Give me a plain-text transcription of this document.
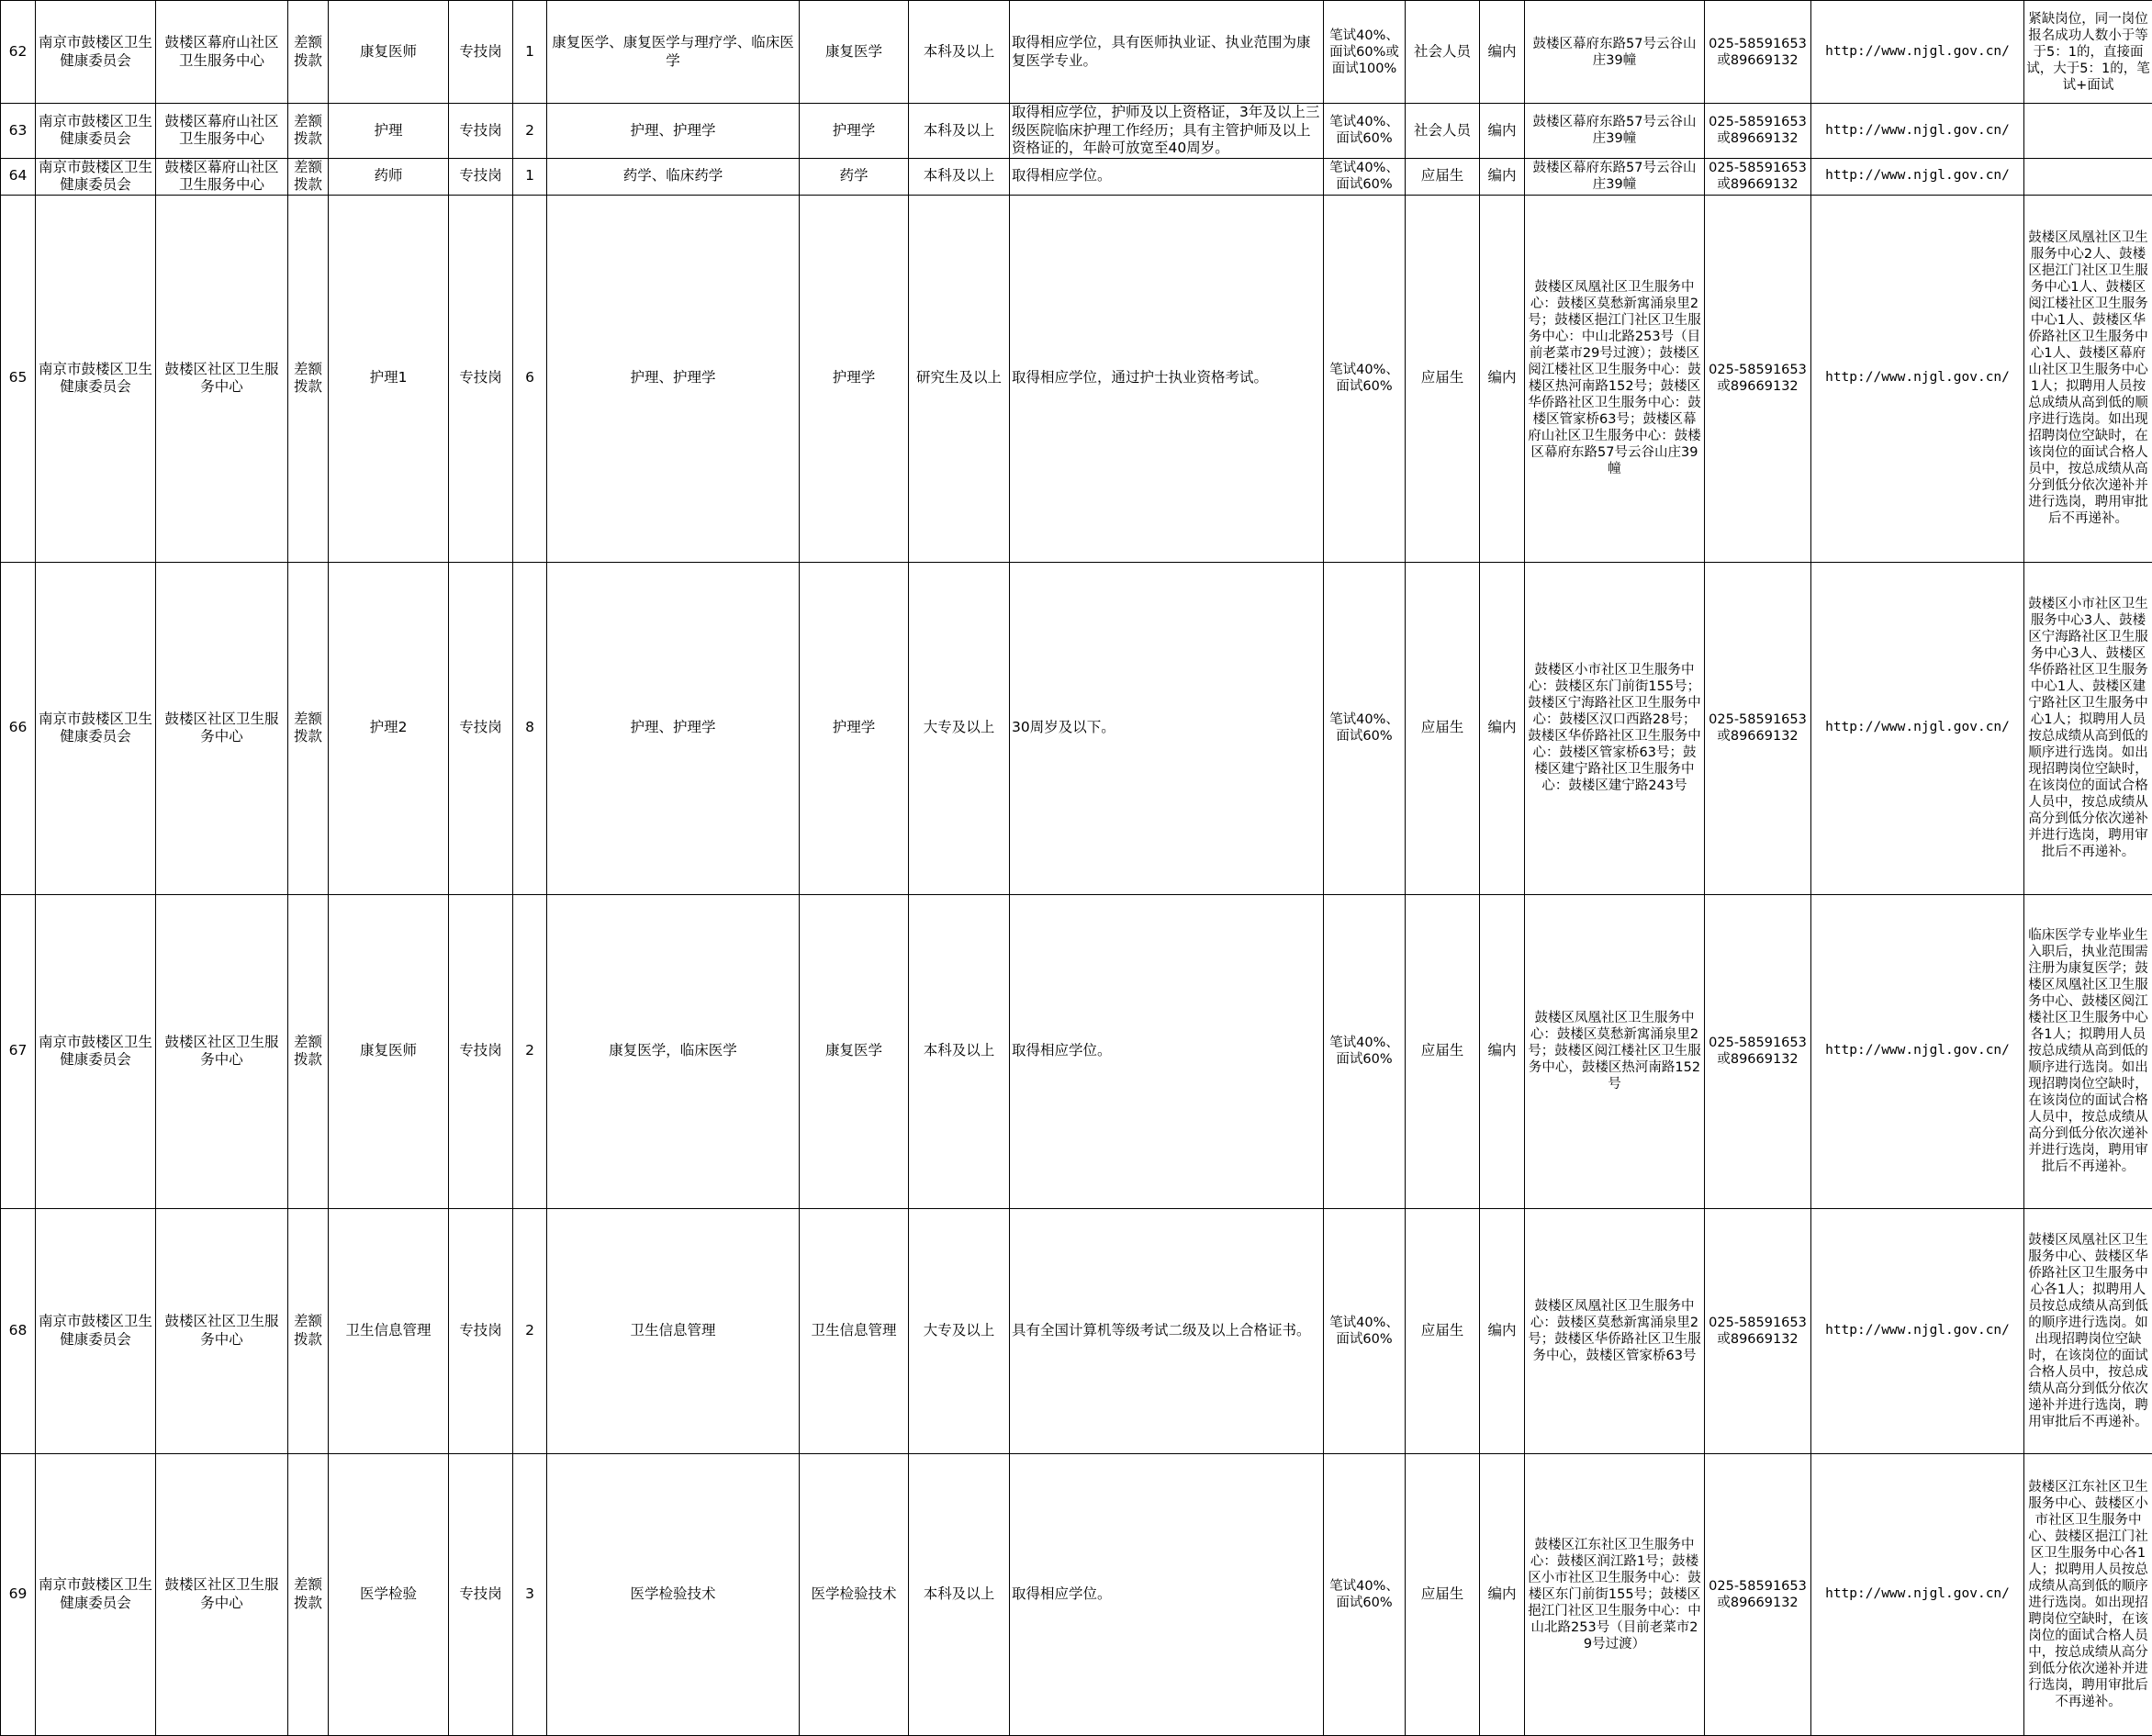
62	南京市鼓楼区卫生健康委员会	鼓楼区幕府山社区卫生服务中心	差额拨款	康复医师	专技岗	1	康复医学、康复医学与理疗学、临床医学	康复医学	本科及以上	取得相应学位，具有医师执业证、执业范围为康复医学专业。	笔试40%、面试60%或面试100%	社会人员	编内	鼓楼区幕府东路57号云谷山庄39幢	025-58591653或89669132	http://www.njgl.gov.cn/	紧缺岗位，同一岗位报名成功人数小于等于5：1的，直接面试，大于5：1的，笔试+面试
63	南京市鼓楼区卫生健康委员会	鼓楼区幕府山社区卫生服务中心	差额拨款	护理	专技岗	2	护理、护理学	护理学	本科及以上	取得相应学位，护师及以上资格证，3年及以上三级医院临床护理工作经历；具有主管护师及以上资格证的，年龄可放宽至40周岁。	笔试40%、面试60%	社会人员	编内	鼓楼区幕府东路57号云谷山庄39幢	025-58591653或89669132	http://www.njgl.gov.cn/	
64	南京市鼓楼区卫生健康委员会	鼓楼区幕府山社区卫生服务中心	差额拨款	药师	专技岗	1	药学、临床药学	药学	本科及以上	取得相应学位。	笔试40%、面试60%	应届生	编内	鼓楼区幕府东路57号云谷山庄39幢	025-58591653或89669132	http://www.njgl.gov.cn/	
65	南京市鼓楼区卫生健康委员会	鼓楼区社区卫生服务中心	差额拨款	护理1	专技岗	6	护理、护理学	护理学	研究生及以上	取得相应学位，通过护士执业资格考试。	笔试40%、面试60%	应届生	编内	鼓楼区凤凰社区卫生服务中心：鼓楼区莫愁新寓涌泉里2号；鼓楼区挹江门社区卫生服务中心：中山北路253号（目前老菜市29号过渡）；鼓楼区阅江楼社区卫生服务中心：鼓楼区热河南路152号；鼓楼区华侨路社区卫生服务中心：鼓楼区管家桥63号；鼓楼区幕府山社区卫生服务中心：鼓楼区幕府东路57号云谷山庄39幢	025-58591653或89669132	http://www.njgl.gov.cn/	鼓楼区凤凰社区卫生服务中心2人、鼓楼区挹江门社区卫生服务中心1人、鼓楼区阅江楼社区卫生服务中心1人、鼓楼区华侨路社区卫生服务中心1人、鼓楼区幕府山社区卫生服务中心1人；拟聘用人员按总成绩从高到低的顺序进行选岗。如出现招聘岗位空缺时，在该岗位的面试合格人员中，按总成绩从高分到低分依次递补并进行选岗，聘用审批后不再递补。
66	南京市鼓楼区卫生健康委员会	鼓楼区社区卫生服务中心	差额拨款	护理2	专技岗	8	护理、护理学	护理学	大专及以上	30周岁及以下。	笔试40%、面试60%	应届生	编内	鼓楼区小市社区卫生服务中心：鼓楼区东门前街155号；鼓楼区宁海路社区卫生服务中心：鼓楼区汉口西路28号；鼓楼区华侨路社区卫生服务中心：鼓楼区管家桥63号；鼓楼区建宁路社区卫生服务中心：鼓楼区建宁路243号	025-58591653或89669132	http://www.njgl.gov.cn/	鼓楼区小市社区卫生服务中心3人、鼓楼区宁海路社区卫生服务中心3人、鼓楼区华侨路社区卫生服务中心1人、鼓楼区建宁路社区卫生服务中心1人；拟聘用人员按总成绩从高到低的顺序进行选岗。如出现招聘岗位空缺时，在该岗位的面试合格人员中，按总成绩从高分到低分依次递补并进行选岗，聘用审批后不再递补。
67	南京市鼓楼区卫生健康委员会	鼓楼区社区卫生服务中心	差额拨款	康复医师	专技岗	2	康复医学，临床医学	康复医学	本科及以上	取得相应学位。	笔试40%、面试60%	应届生	编内	鼓楼区凤凰社区卫生服务中心：鼓楼区莫愁新寓涌泉里2号；鼓楼区阅江楼社区卫生服务中心，鼓楼区热河南路152号	025-58591653或89669132	http://www.njgl.gov.cn/	临床医学专业毕业生入职后，执业范围需注册为康复医学；鼓楼区凤凰社区卫生服务中心、鼓楼区阅江楼社区卫生服务中心各1人；拟聘用人员按总成绩从高到低的顺序进行选岗。如出现招聘岗位空缺时，在该岗位的面试合格人员中，按总成绩从高分到低分依次递补并进行选岗，聘用审批后不再递补。
68	南京市鼓楼区卫生健康委员会	鼓楼区社区卫生服务中心	差额拨款	卫生信息管理	专技岗	2	卫生信息管理	卫生信息管理	大专及以上	具有全国计算机等级考试二级及以上合格证书。	笔试40%、面试60%	应届生	编内	鼓楼区凤凰社区卫生服务中心：鼓楼区莫愁新寓涌泉里2号；鼓楼区华侨路社区卫生服务中心，鼓楼区管家桥63号	025-58591653或89669132	http://www.njgl.gov.cn/	鼓楼区凤凰社区卫生服务中心、鼓楼区华侨路社区卫生服务中心各1人；拟聘用人员按总成绩从高到低的顺序进行选岗。如出现招聘岗位空缺时，在该岗位的面试合格人员中，按总成绩从高分到低分依次递补并进行选岗，聘用审批后不再递补。
69	南京市鼓楼区卫生健康委员会	鼓楼区社区卫生服务中心	差额拨款	医学检验	专技岗	3	医学检验技术	医学检验技术	本科及以上	取得相应学位。	笔试40%、面试60%	应届生	编内	鼓楼区江东社区卫生服务中心：鼓楼区润江路1号；鼓楼区小市社区卫生服务中心：鼓楼区东门前街155号；鼓楼区挹江门社区卫生服务中心：中山北路253号（目前老菜市29号过渡）	025-58591653或89669132	http://www.njgl.gov.cn/	鼓楼区江东社区卫生服务中心、鼓楼区小市社区卫生服务中心、鼓楼区挹江门社区卫生服务中心各1人；拟聘用人员按总成绩从高到低的顺序进行选岗。如出现招聘岗位空缺时，在该岗位的面试合格人员中，按总成绩从高分到低分依次递补并进行选岗，聘用审批后不再递补。
